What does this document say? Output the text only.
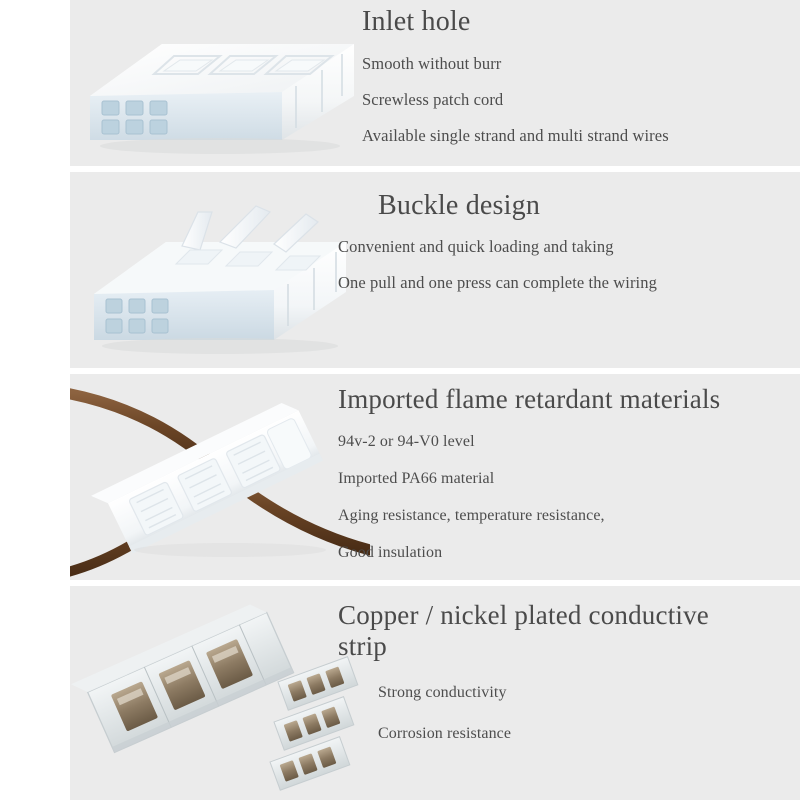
Inlet hole
Smooth without burr
Screwless patch cord
Available single strand and multi strand wires
Buckle design
Convenient and quick loading and taking
One pull and one press can complete the wiring
Imported flame retardant materials
94v-2 or 94-V0 level
Imported PA66 material
Aging resistance, temperature resistance,
Good insulation
Copper / nickel plated conductive strip
Strong conductivity
Corrosion resistance
